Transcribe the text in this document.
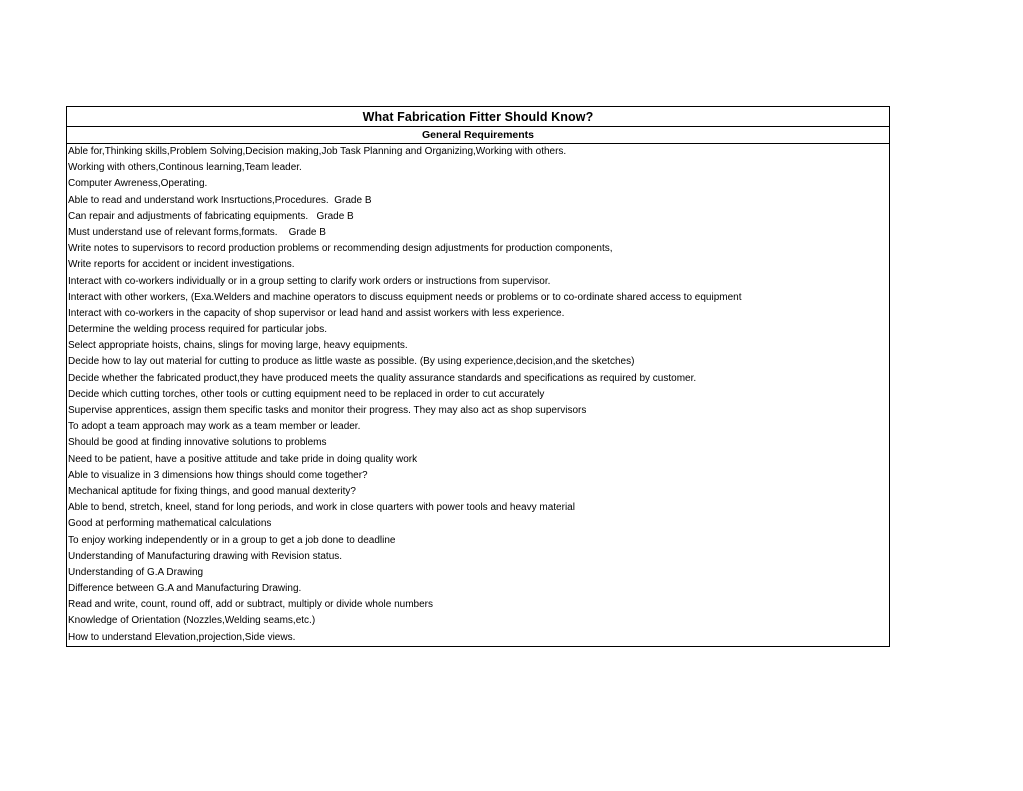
What Fabrication Fitter Should Know?
General Requirements
Able for,Thinking skills,Problem Solving,Decision making,Job Task Planning and Organizing,Working with others.
Working with others,Continous learning,Team leader.
Computer Awreness,Operating.
Able to read and understand work Insrtuctions,Procedures.  Grade B
Can repair and adjustments of fabricating equipments.   Grade B
Must understand use of relevant forms,formats.    Grade B
Write notes to supervisors to record production problems or recommending design adjustments for production components,
Write reports for accident or incident investigations.
Interact with co-workers individually or in a group setting to clarify work orders or instructions from supervisor.
Interact with other workers, (Exa.Welders and machine operators to discuss equipment needs or problems or to co-ordinate shared access to equipment
Interact with co-workers in the capacity of shop supervisor or lead hand and assist workers with less experience.
Determine the welding process required for particular jobs.
Select appropriate hoists, chains, slings for moving large, heavy equipments.
Decide how to lay out material for cutting to produce as little waste as possible. (By using experience,decision,and the sketches)
Decide whether the fabricated product,they have produced meets the quality assurance standards and specifications as required by customer.
Decide which cutting torches, other tools or cutting equipment need to be replaced in order to cut accurately
Supervise apprentices, assign them specific tasks and monitor their progress. They may also act as shop supervisors
To adopt a team approach may work as a team member or leader.
Should be good at finding innovative solutions to problems
Need to be patient, have a positive attitude and take pride in doing quality work
Able to visualize in 3 dimensions how things should come together?
Mechanical aptitude for fixing things, and good manual dexterity?
Able to bend, stretch, kneel, stand for long periods, and work in close quarters with power tools and heavy material
Good at performing mathematical calculations
To enjoy working independently or in a group to get a job done to deadline
Understanding of Manufacturing drawing with Revision status.
Understanding of G.A Drawing
Difference between G.A and Manufacturing Drawing.
Read and write, count, round off, add or subtract, multiply or divide whole numbers
Knowledge of Orientation (Nozzles,Welding seams,etc.)
How to understand Elevation,projection,Side views.
